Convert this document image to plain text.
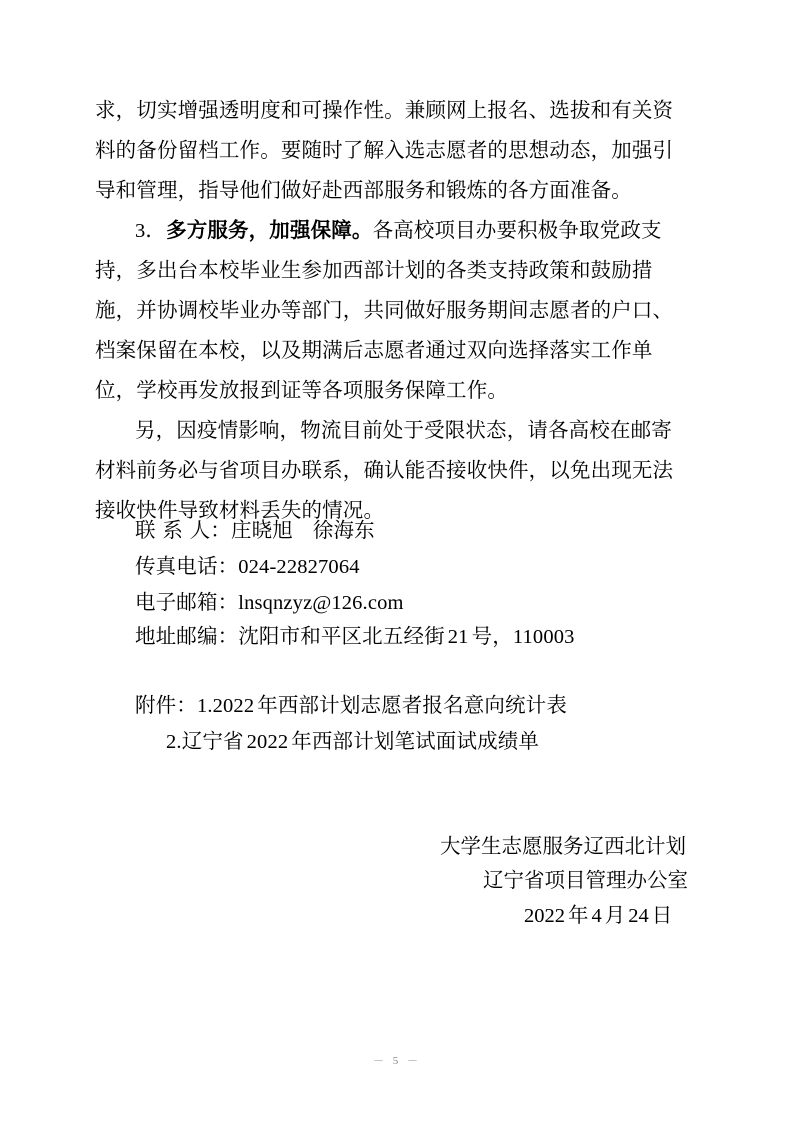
求，切实增强透明度和可操作性。兼顾网上报名、选拔和有关资
料的备份留档工作。要随时了解入选志愿者的思想动态，加强引
导和管理，指导他们做好赴西部服务和锻炼的各方面准备。
3．多方服务，加强保障。各高校项目办要积极争取党政支
持，多出台本校毕业生参加西部计划的各类支持政策和鼓励措
施，并协调校毕业办等部门，共同做好服务期间志愿者的户口、
档案保留在本校，以及期满后志愿者通过双向选择落实工作单
位，学校再发放报到证等各项服务保障工作。
另，因疫情影响，物流目前处于受限状态，请各高校在邮寄
材料前务必与省项目办联系，确认能否接收快件，以免出现无法
接收快件导致材料丢失的情况。
联 系 人：庄晓旭   徐海东
传真电话：024-22827064
电子邮箱：lnsqnzyz@126.com
地址邮编：沈阳市和平区北五经街 21 号，110003
附件：1.2022 年西部计划志愿者报名意向统计表
2.辽宁省 2022 年西部计划笔试面试成绩单
大学生志愿服务辽西北计划
辽宁省项目管理办公室
2022 年 4 月 24 日
－ 5 －
